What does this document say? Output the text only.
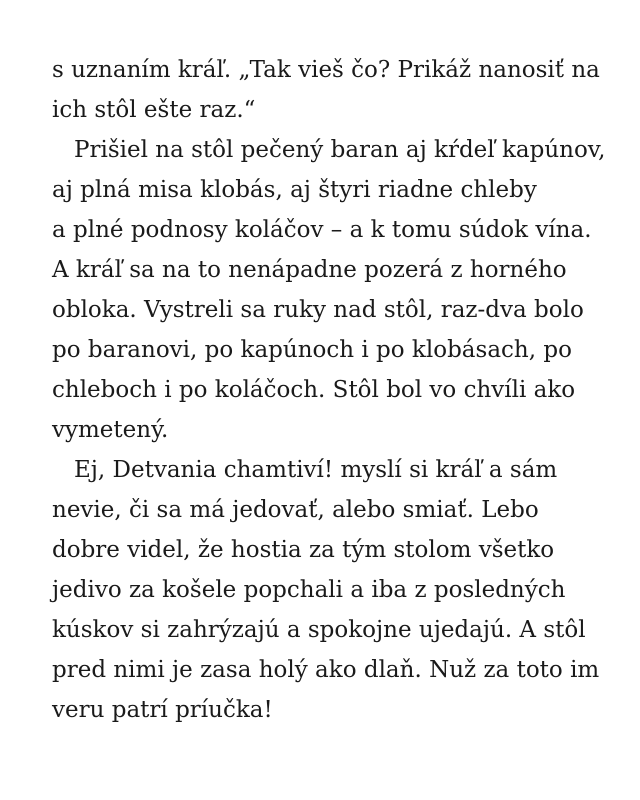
s uznaním kráľ. „Tak vieš čo? Prikáž nanosiť na
ich stôl ešte raz.“
Prišiel na stôl pečený baran aj kŕdeľ kapúnov,
aj plná misa klobás, aj štyri riadne chleby
a plné podnosy koláčov – a k tomu súdok vína.
A kráľ sa na to nenápadne pozerá z horného
obloka. Vystreli sa ruky nad stôl, raz-dva bolo
po baranovi, po kapúnoch i po klobásach, po
chleboch i po koláčoch. Stôl bol vo chvíli ako
vymetený.
Ej, Detvania chamtiví! myslí si kráľ a sám
nevie, či sa má jedovať, alebo smiať. Lebo
dobre videl, že hostia za tým stolom všetko
jedivo za košele popchali a iba z posledných
kúskov si zahrýzajú a spokojne ujedajú. A stôl
pred nimi je zasa holý ako dlaň. Nuž za toto im
veru patrí príučka!
